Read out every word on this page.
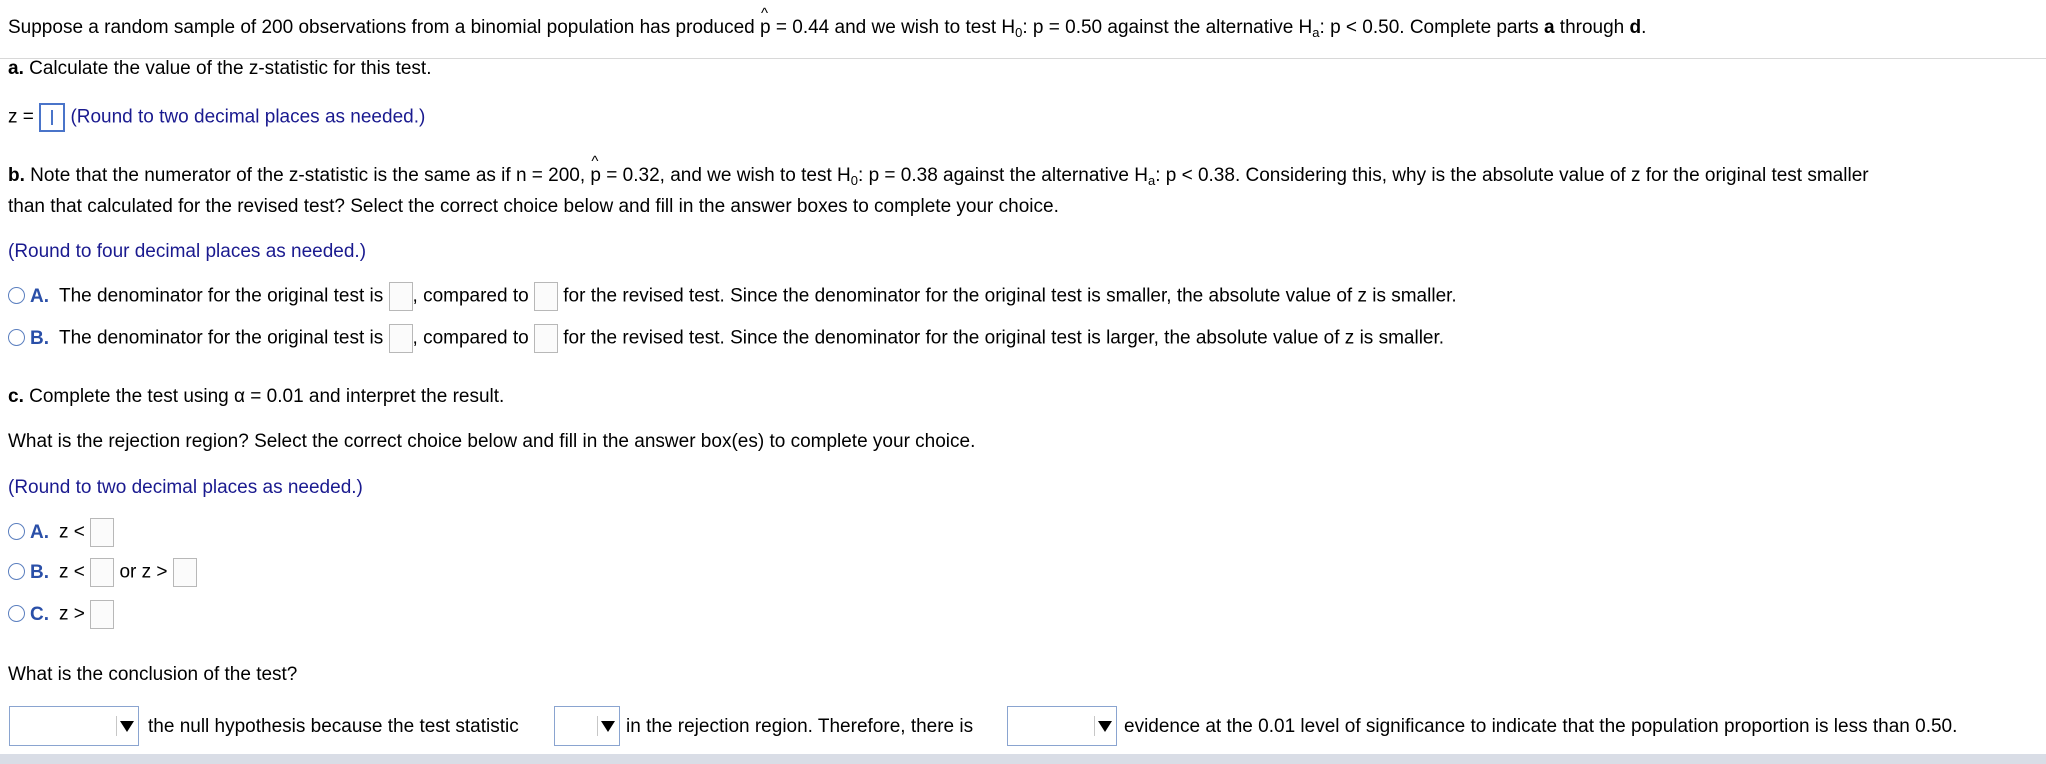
Suppose a random sample of 200 observations from a binomial population has produced ^ p = 0.44 and we wish to test $H_0$: p = 0.50 against the alternative $H_a$: p < 0.50. Complete parts a through d.
a. Calculate the value of the z-statistic for this test.
z = (Round to two decimal places as needed.)
b. Note that the numerator of the z-statistic is the same as if n = 200, ^ p = 0.32, and we wish to test $H_0$: p = 0.38 against the alternative $H_a$: p < 0.38. Considering this, why is the absolute value of z for the original test smaller
than that calculated for the revised test? Select the correct choice below and fill in the answer boxes to complete your choice.
(Round to four decimal places as needed.)
A. The denominator for the original test is , compared to for the revised test. Since the denominator for the original test is smaller, the absolute value of z is smaller.
B. The denominator for the original test is , compared to for the revised test. Since the denominator for the original test is larger, the absolute value of z is smaller.
c. Complete the test using α = 0.01 and interpret the result.
What is the rejection region? Select the correct choice below and fill in the answer box(es) to complete your choice.
(Round to two decimal places as needed.)
A. z <
B. z < or z >
C. z >
What is the conclusion of the test?
the null hypothesis because the test statistic	in the rejection region. Therefore, there is	evidence at the 0.01 level of significance to indicate that the population proportion is less than 0.50.
